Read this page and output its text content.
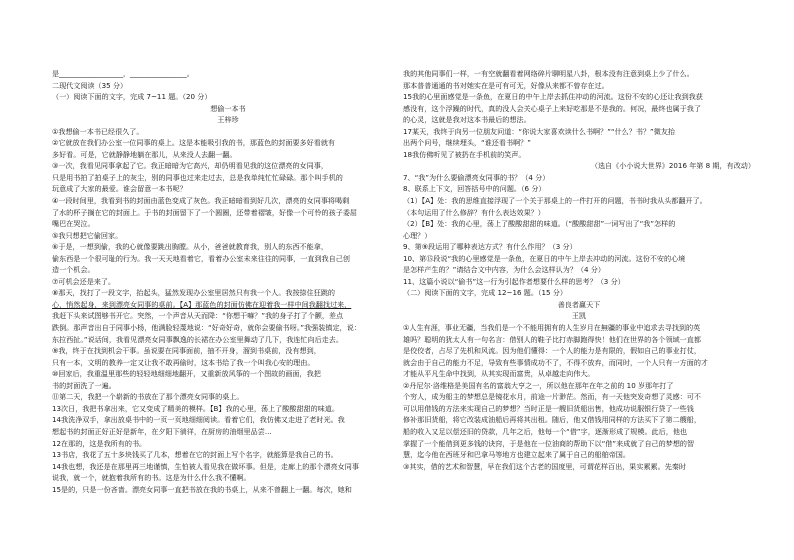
是__________________，________________。
二现代文阅读（35 分）
（一）阅读下面的文字，完成 7~11 题。（20 分）
想偷一本书
王梓珍
①我想偷一本书已经很久了。
②它就放在我们办公室一位同事的桌上。这是本能吸引我的书，那蓝色的封面要多好看就有
多好看。可是，它就静静地躺在那儿，从来没人去翻一翻。
③一次，我看见同事拿起了它。我正暗暗为它高兴，却仍明看见我的这位漂亮的女同事，
只是用书拍了拍桌子上的灰尘，别的同事也过来走过去，总是我单纯忙忙碌碌。那个叫手机的
玩意成了大家的最爱。谁会留意一本书呢？
④一段时间里，我看到书的封面由蓝色变成了灰色。我正暗暗看到好几次，漂亮的女同事将喝剩
了水的杯子搁在它的封面上。于书的封面留下了一个圆圈，还带着褶皱，好像一个可怜的孩子委屈
嘴巴在哭泣。
⑤我只想把它偷回家。
⑥于是，一想到偷，我的心就像要跳出胸膛。从小，爸爸就教育我，别人的东西不能拿，
偷东西是一个很可耻的行为。我一天天地看着它，看着办公室未来往往的同事，一直到我自己创
造一个机会。
⑦可机会还是来了。
⑧那天，找打了一段文字，抬起头，猛然发现办公室里居然只有我一个人。我按捺住狂跳的
心，悄然起身，来到漂亮女同事的桌前。【A】那蓝色的封面仿佛在迎着我一样中间我翻找过来，
我赶下头来试图够书开它。突然，一个声音从天而降：“你想干嘛？”我的身子打了个颤，差点
跌倒。那声音出自于同事小杨，他满脸轻蔑地说：“好奇好奇，就你会要偷书呀。”我强装镇定，说：
东拉西扯。”说话间，我看见漂亮女同事飘逸的长裙在办公室里舞动了几下，我连忙向后走去。
⑨我，终于在找到机会干事。虽说要在同事面前，抽不开身，溜到书桌前，没有想到，
只有一本，文明的教养一定又让我不敢再偷时，这本书给了我一个叫我心安的理由。
⑩回家后，我重温里那些的轻轻地细细地翻开，又重新放风筝的一个图故的画面，我把
书的封面洗了一遍。
⑪第二天，我把一个崭新的书放在了那个漂亮女同事的桌上。
13次日，我把书拿出来，它又变成了精美的模样。【B】我的心里，荡上了酸酸甜甜的味道。
14我洗净双手，拿出放桌书中的一页一页地细细阅读。看着它们，我仿佛又走进了老时光。我
想起书的封面正好正好是新年，在夕阳下徜徉，在厨房的油烟里品尝…
12在那的，这是我所有的书。
13书店，我花了五十多块钱买了几本，想着在它的封面上写个名字，就能算是我自己的书。
14我也想，我还是在那里再三地谨慎，生怕被人看见我在做坏事。但是，走廊上的那个漂亮女同事
说我，就一个，就抱着我所有的书。这是为什么什么我不懂啊。
15是的，只是一份吝啬。漂亮女同事一直把书放在我的书桌上，从来不曾翻上一翻。每次，她和
我的其他同事们一样，一有空就翻看着网络碎片聊明星八卦，根本没有注意到桌上少了什么。
那本普普通通的书对她实在是可有可无，好像从来都不曾存在过。
15我的心里面感觉是一条鱼，在夏日的中午上岸去抓住冲动的河流。这份不安的心还让我到我获
感没有，这个浮躁的时代，真的没人会关心桌子上来好吃那是不是我的。何况，最终也属于我了
的心灵，这就是我对这本书最后的想法。
17某天，我终于向另一位朋友问道：“你说大家喜欢读什么书啊？”“什么？书？”微友抬
出两个问号，继续埋头，“谁还看书啊？”
18我仿佛听见了被扔在手机前的笑声。
（选自《小小说大世界》2016 年第 8 期，有改动）
7、“我”为什么要偷漂亮女同事的书？（4 分）
8、联系上下文，回答括号中的问题。（6 分）
（1）【A】处：我的思维直接浮现了一个关于那桌上的一件打开的问题，书书时我从头都翻开了。
（本句运用了什么修辞？有什么表达效果？）
（2）【B】处：我的心里，荡上了酸酸甜甜的味道。（“酸酸甜甜”一词写出了“我”怎样的
心理？）
9、第⑨段运用了哪种表达方式？有什么作用？（3 分）
10、第⑮段说“我的心里感觉是一条鱼，在夏日的中午上岸去冲动的河流。这份不安的心境
是怎样产生的？”请结合文中内容，为什么会这样认为？（4 分）
11、这篇小说以“偷书”这一行为引起作者想要什么样的思考？（3 分）
（二）阅读下面的文字，完成 12~16 题。（15 分）
善良者赢天下
王凯
①人生有涯，事业无疆，当我们是一个不能用拥有的人生岁月在無疆的事业中追求去寻找到的英
雄吗？聪明的犹太人有一句名言：借别人的鞋子比打赤脚跑得快！他们在世界的各个领域一直都
是佼佼者，占尽了先机和风流。因为他们懂得：一个人的能力是有限的，假如自己的事业打仗，
就会由于自己的能力不足，导致有些事情成功不了，不得不放弃，而同时，一个人只有一方面的才
才能从平凡生命中找到，从其实现而富贵，从卓越走向伟大。
②丹尼尔·洛维格是美国有名的富翁大亨之一，所以他在那年在年之前的 10 岁那年打了
个穷人，成为船主的梦想总是镜花水月，前途一片渺茫。然而，有一天他突发奇想了灵感：可不
可以用借钱的方法来实现自己的梦想？当时正是一艘旧货船出售，他成功说服银行贷了一些钱
修补那旧货船，将它改装成油船后再将其出租。随后，他又借钱用同样的方法买下了第二艘船，
船的收入又足以偿还旧的贷款，几年之后，他每一个“借”字，逐渐形成了规模。此后，他也
掌握了一个能借到更多钱的诀窍，于是他在一位油商的帮助下以“借”来成就了自己的梦想的智
慧，迄今他在西班牙和巴拿马等地方也建立起来了属于自己的船舶帝国。
③其实，借的艺术和智慧，早在我们这个古老的国度里，可谓花样百出，果实累累。先秦时
